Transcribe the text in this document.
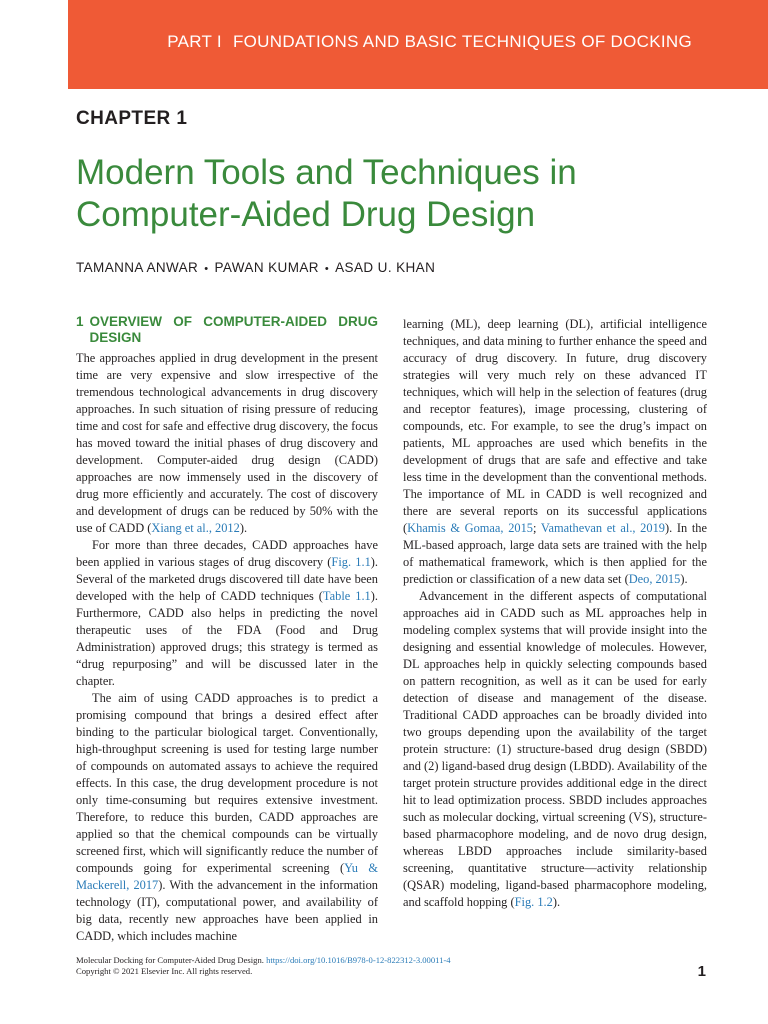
PART I FOUNDATIONS AND BASIC TECHNIQUES OF DOCKING
CHAPTER 1
Modern Tools and Techniques in Computer-Aided Drug Design
TAMANNA ANWAR • PAWAN KUMAR • ASAD U. KHAN
1 OVERVIEW OF COMPUTER-AIDED DRUG DESIGN

The approaches applied in drug development in the present time are very expensive and slow irrespective of the tremendous technological advancements in drug discovery approaches. In such situation of rising pressure of reducing time and cost for safe and effective drug discovery, the focus has moved toward the initial phases of drug discovery and development. Computer-aided drug design (CADD) approaches are now immensely used in the discovery of drug more efficiently and accurately. The cost of discovery and development of drugs can be reduced by 50% with the use of CADD (Xiang et al., 2012).

For more than three decades, CADD approaches have been applied in various stages of drug discovery (Fig. 1.1). Several of the marketed drugs discovered till date have been developed with the help of CADD techniques (Table 1.1). Furthermore, CADD also helps in predicting the novel therapeutic uses of the FDA (Food and Drug Administration) approved drugs; this strategy is termed as “drug repurposing” and will be discussed later in the chapter.

The aim of using CADD approaches is to predict a promising compound that brings a desired effect after binding to the particular biological target. Conventionally, high-throughput screening is used for testing large number of compounds on automated assays to achieve the required effects. In this case, the drug development procedure is not only time-consuming but requires extensive investment. Therefore, to reduce this burden, CADD approaches are applied so that the chemical compounds can be virtually screened first, which will significantly reduce the number of compounds going for experimental screening (Yu & Mackerell, 2017). With the advancement in the information technology (IT), computational power, and availability of big data, recently new approaches have been applied in CADD, which includes machine

learning (ML), deep learning (DL), artificial intelligence techniques, and data mining to further enhance the speed and accuracy of drug discovery. In future, drug discovery strategies will very much rely on these advanced IT techniques, which will help in the selection of features (drug and receptor features), image processing, clustering of compounds, etc. For example, to see the drug’s impact on patients, ML approaches are used which benefits in the development of drugs that are safe and effective and take less time in the development than the conventional methods. The importance of ML in CADD is well recognized and there are several reports on its successful applications (Khamis & Gomaa, 2015; Vamathevan et al., 2019). In the ML-based approach, large data sets are trained with the help of mathematical framework, which is then applied for the prediction or classification of a new data set (Deo, 2015).

Advancement in the different aspects of computational approaches aid in CADD such as ML approaches help in modeling complex systems that will provide insight into the designing and essential knowledge of molecules. However, DL approaches help in quickly selecting compounds based on pattern recognition, as well as it can be used for early detection of disease and management of the disease. Traditional CADD approaches can be broadly divided into two groups depending upon the availability of the target protein structure: (1) structure-based drug design (SBDD) and (2) ligand-based drug design (LBDD). Availability of the target protein structure provides additional edge in the direct hit to lead optimization process. SBDD includes approaches such as molecular docking, virtual screening (VS), structure-based pharmacophore modeling, and de novo drug design, whereas LBDD approaches include similarity-based screening, quantitative structure—activity relationship (QSAR) modeling, ligand-based pharmacophore modeling, and scaffold hopping (Fig. 1.2).

Molecular Docking for Computer-Aided Drug Design. https://doi.org/10.1016/B978-0-12-822312-3.00011-4
Copyright © 2021 Elsevier Inc. All rights reserved.	1
